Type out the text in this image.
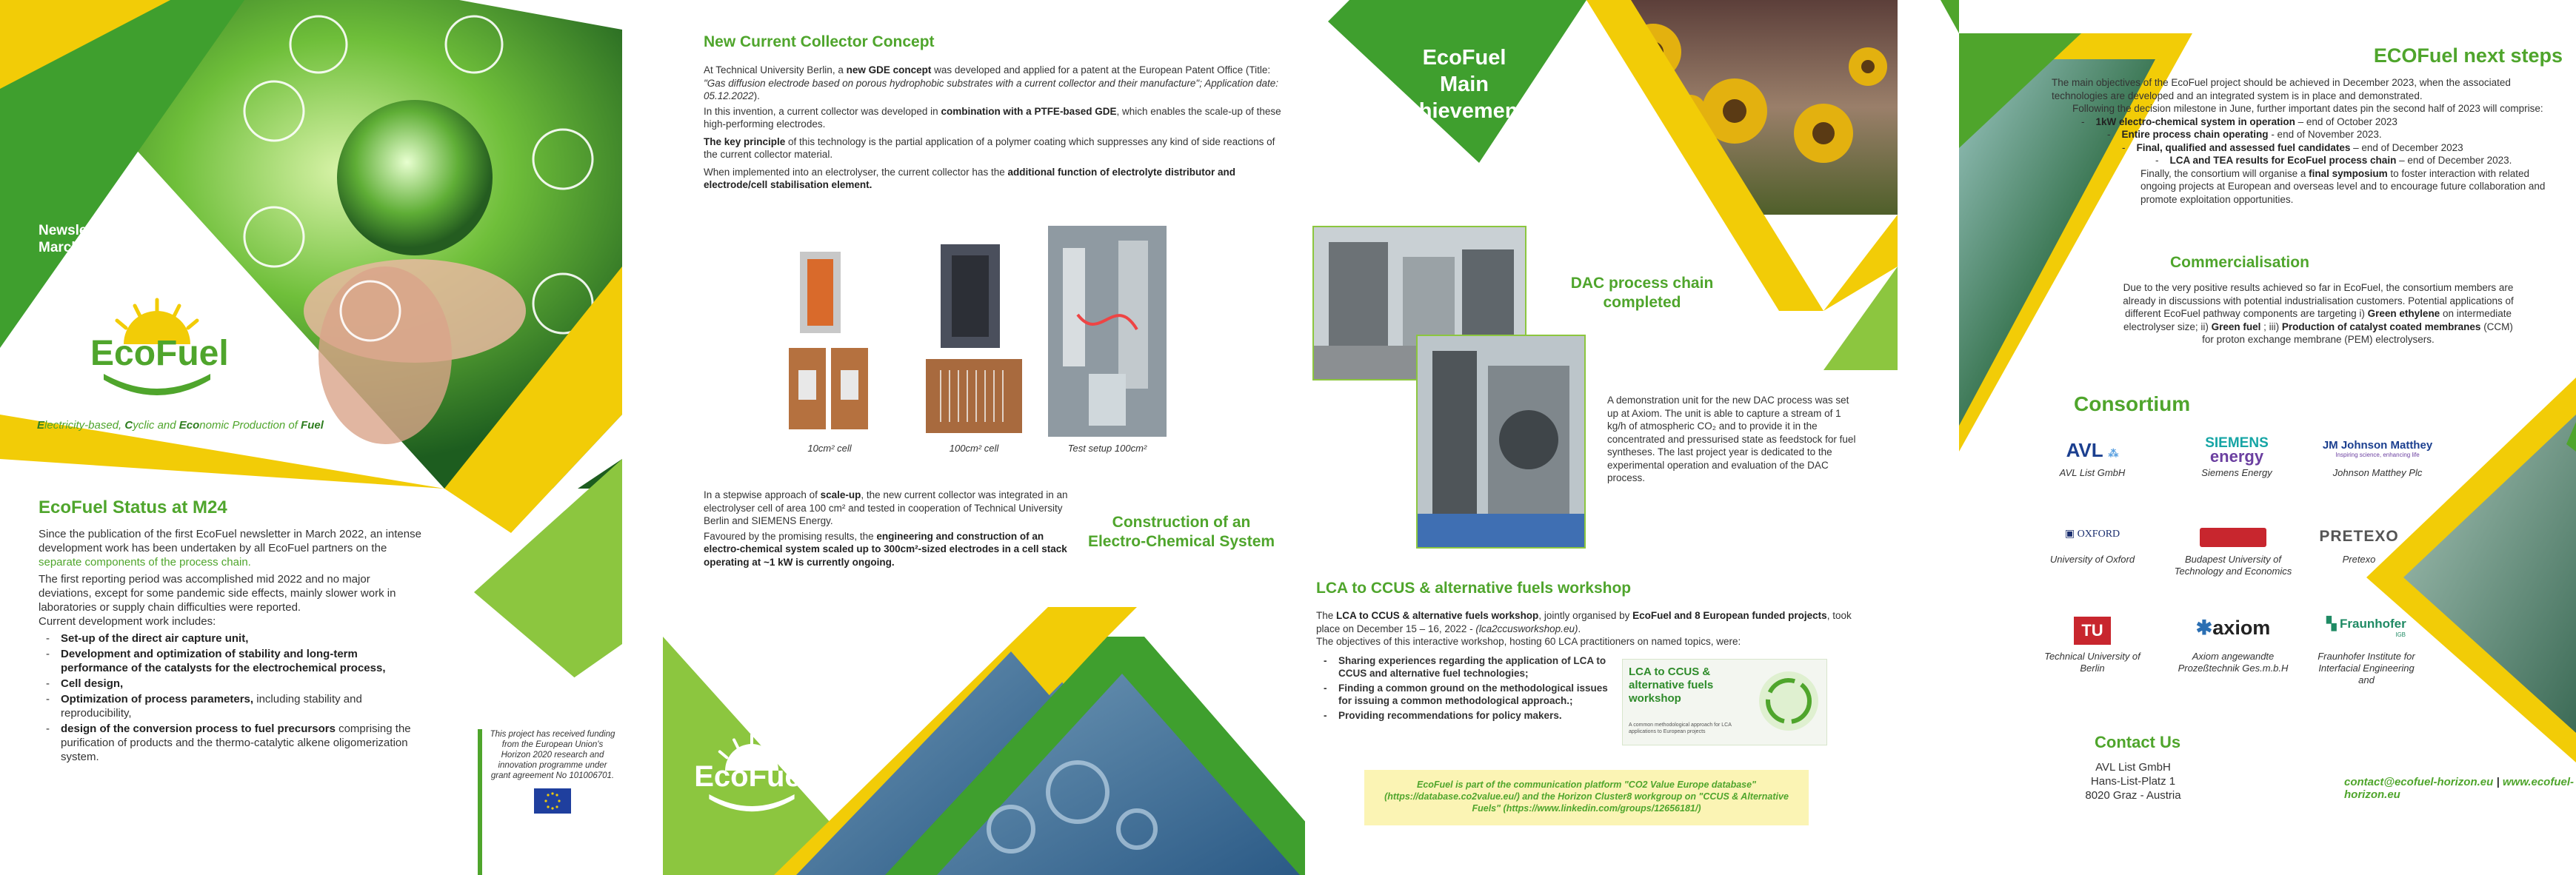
Newsletter #2
March 2023
EcoFuel
Electricity-based, Cyclic and Economic Production of Fuel
EcoFuel Status at M24
Since the publication of the first EcoFuel newsletter in March 2022, an intense development work has been undertaken by all EcoFuel partners on the separate components of the process chain.
The first reporting period was accomplished mid 2022 and no major deviations, except for some pandemic side effects, mainly slower work in laboratories or supply chain difficulties were reported.
Current development work includes:
- Set-up of the direct air capture unit,
- Development and optimization of stability and long-term performance of the catalysts for the electrochemical process,
- Cell design,
- Optimization of process parameters, including stability and reproducibility,
- design of the conversion process to fuel precursors comprising the purification of products and the thermo-catalytic alkene oligomerization system.
This project has received funding from the European Union's Horizon 2020 research and innovation programme under grant agreement No 101006701.
New Current Collector Concept
At Technical University Berlin, a new GDE concept was developed and applied for a patent at the European Patent Office (Title: "Gas diffusion electrode based on porous hydrophobic substrates with a current collector and their manufacture"; Application date: 05.12.2022).
In this invention, a current collector was developed in combination with a PTFE-based GDE, which enables the scale-up of these high-performing electrodes.
The key principle of this technology is the partial application of a polymer coating which suppresses any kind of side reactions of the current collector material.
When implemented into an electrolyser, the current collector has the additional function of electrolyte distributor and electrode/cell stabilisation element.
10cm² cell	100cm² cell	Test setup 100cm²
In a stepwise approach of scale-up, the new current collector was integrated in an electrolyser cell of area 100 cm² and tested in cooperation of Technical University Berlin and SIEMENS Energy.
Favoured by the promising results, the engineering and construction of an electro-chemical system scaled up to 300cm²-sized electrodes in a cell stack operating at ~1 kW is currently ongoing.
Construction of an
Electro-Chemical System
EcoFuel
EcoFuel
Main
Achievements
DAC process chain
completed
A demonstration unit for the new DAC process was set up at Axiom. The unit is able to capture a stream of 1 kg/h of atmospheric CO₂ and to provide it in the concentrated and pressurised state as feedstock for fuel syntheses. The last project year is dedicated to the experimental operation and evaluation of the DAC process.
LCA to CCUS & alternative fuels workshop
The LCA to CCUS & alternative fuels workshop, jointly organised by EcoFuel and 8 European funded projects, took place on December 15 – 16, 2022 - (lca2ccusworkshop.eu).
The objectives of this interactive workshop, hosting 60 LCA practitioners on named topics, were:
- Sharing experiences regarding the application of LCA to CCUS and alternative fuel technologies;
- Finding a common ground on the methodological issues for issuing a common methodological approach.;
- Providing recommendations for policy makers.
LCA to CCUS & alternative fuels workshop
A common methodological approach for LCA applications to European projects
EcoFuel is part of the communication platform "CO2 Value Europe database" (https://database.co2value.eu/) and the Horizon Cluster8 workgroup on "CCUS & Alternative Fuels" (https://www.linkedin.com/groups/12656181/)
ECOFuel next steps
The main objectives of the EcoFuel project should be achieved in December 2023, when the associated technologies are developed and an integrated system is in place and demonstrated.
Following the decision milestone in June, further important dates pin the second half of 2023 will comprise:
-    1kW electro-chemical system in operation – end of October 2023
-    Entire process chain operating - end of November 2023.
-    Final, qualified and assessed fuel candidates – end of December 2023
-    LCA and TEA results for EcoFuel process chain – end of December 2023.
Finally, the consortium will organise a final symposium to foster interaction with related ongoing projects at European and overseas level and to encourage future collaboration and promote exploitation opportunities.
Commercialisation
Due to the very positive results achieved so far in EcoFuel, the consortium members are already in discussions with potential industrialisation customers. Potential applications of different EcoFuel pathway components are targeting i) Green ethylene on intermediate electrolyser size; ii) Green fuel ; iii) Production of catalyst coated membranes (CCM) for proton exchange membrane (PEM) electrolysers.
Consortium
AVL ⁂
AVL List GmbH
SIEMENS
energy
Siemens Energy
JM Johnson Matthey
Inspiring science, enhancing life
Johnson Matthey Plc
▣ OXFORD
University of Oxford	Budapest University of Technology and Economics
PRETEXO
Pretexo
TU
Technical University of Berlin
✱axiom
Axiom angewandte Prozeßtechnik Ges.m.b.H
▚ Fraunhofer
IGB
Fraunhofer Institute for Interfacial Engineering and
Contact Us
AVL List GmbH
Hans-List-Platz 1
8020 Graz - Austria
contact@ecofuel-horizon.eu | www.ecofuel-horizon.eu
